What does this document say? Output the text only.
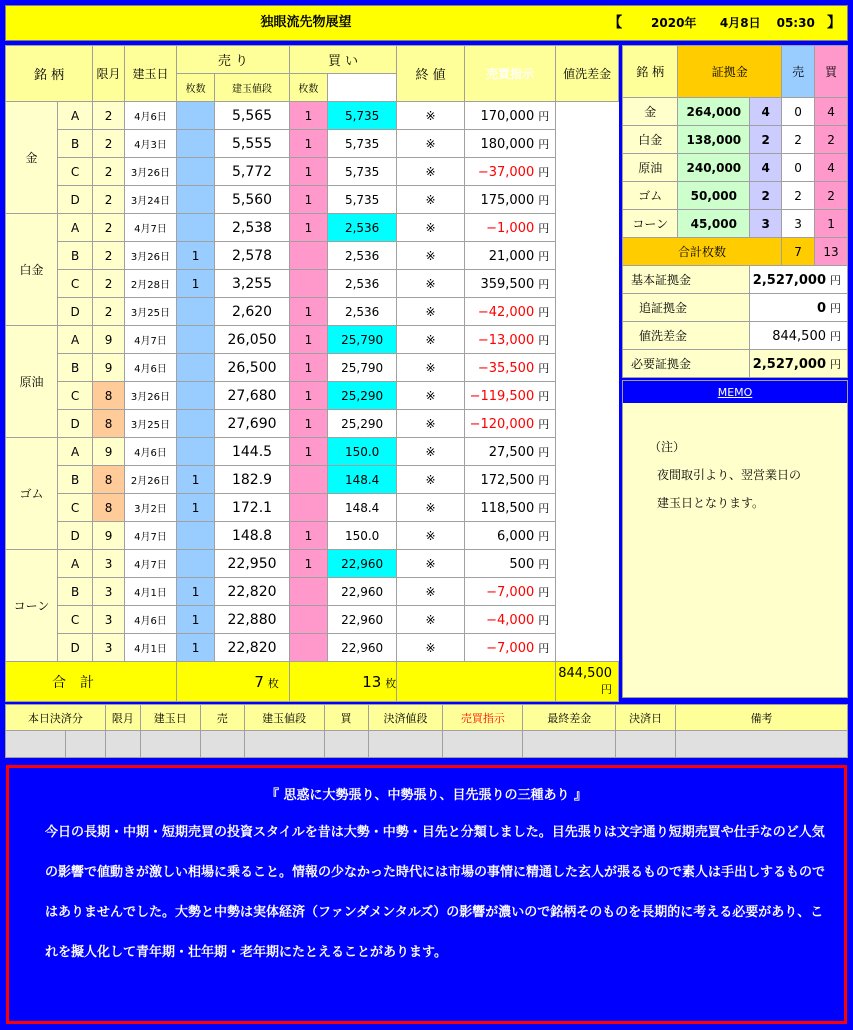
独眼流先物展望	【 2020年 4月8日 05:30 】
銘 柄		限月	建玉日	売 り		買 い		終 値	売買指示	値洗差金
				枚数	建玉値段	枚数				
金	A	2	4月6日		5,565	1	5,735	※	170,000 円	
	B	2	4月3日		5,555	1	5,735	※	180,000 円	
	C	2	3月26日		5,772	1	5,735	※	−37,000 円	
	D	2	3月24日		5,560	1	5,735	※	175,000 円	
白金	A	2	4月7日		2,538	1	2,536	※	−1,000 円	
	B	2	3月26日	1	2,578		2,536	※	21,000 円	
	C	2	2月28日	1	3,255		2,536	※	359,500 円	
	D	2	3月25日		2,620	1	2,536	※	−42,000 円	
原油	A	9	4月7日		26,050	1	25,790	※	−13,000 円	
	B	9	4月6日		26,500	1	25,790	※	−35,500 円	
	C	8	3月26日		27,680	1	25,290	※	−119,500 円	
	D	8	3月25日		27,690	1	25,290	※	−120,000 円	
ゴム	A	9	4月6日		144.5	1	150.0	※	27,500 円	
	B	8	2月26日	1	182.9		148.4	※	172,500 円	
	C	8	3月2日	1	172.1		148.4	※	118,500 円	
	D	9	4月7日		148.8	1	150.0	※	6,000 円	
コーン	A	3	4月7日		22,950	1	22,960	※	500 円	
	B	3	4月1日	1	22,820		22,960	※	−7,000 円	
	C	3	4月6日	1	22,880		22,960	※	−4,000 円	
	D	3	4月1日	1	22,820		22,960	※	−7,000 円	
合　計				7 枚		13 枚				844,500円
銘 柄	証拠金		売	買
金	264,000	4	0	4
白金	138,000	2	2	2
原油	240,000	4	0	4
ゴム	50,000	2	2	2
コーン	45,000	3	3	1
合計枚数			7	13
基本証拠金		2,527,000 円		
追証拠金		0 円		
値洗差金		844,500 円		
必要証拠金		2,527,000 円		
MEMO
（注）
夜間取引より、翌営業日の
建玉日となります。
本日決済分		限月	建玉日	売	建玉値段	買	決済値段	売買指示	最終差金	決済日	備考

『 思惑に大勢張り、中勢張り、目先張りの三種あり 』
今日の長期・中期・短期売買の投資スタイルを昔は大勢・中勢・目先と分類しました。目先張りは文字通り短期売買や仕手なのど人気の影響で値動きが激しい相場に乗ること。情報の少なかった時代には市場の事情に精通した玄人が張るもので素人は手出しするものではありませんでした。大勢と中勢は実体経済（ファンダメンタルズ）の影響が濃いので銘柄そのものを長期的に考える必要があり、これを擬人化して青年期・壮年期・老年期にたとえることがあります。
